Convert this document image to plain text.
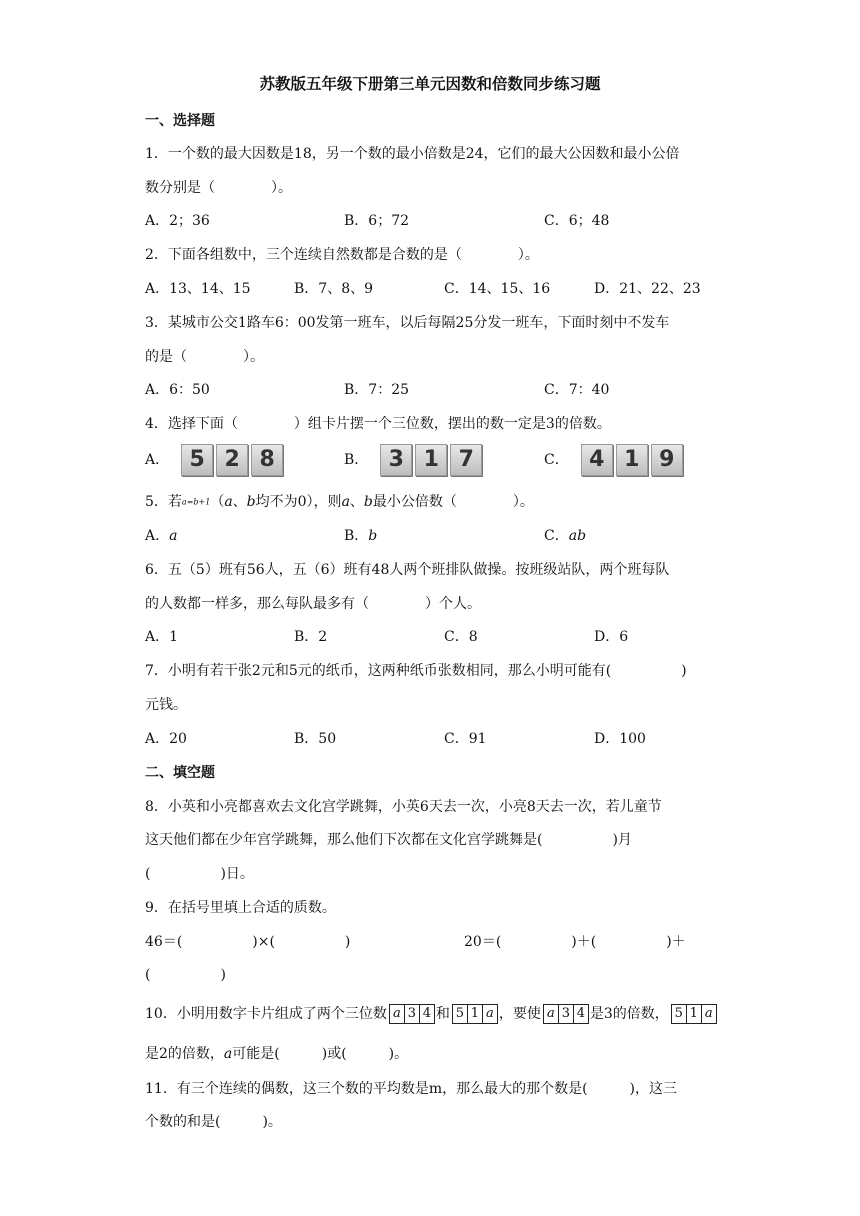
苏教版五年级下册第三单元因数和倍数同步练习题
一、选择题
1．一个数的最大因数是18，另一个数的最小倍数是24，它们的最大公因数和最小公倍
数分别是（　　　　）。
A．2；36	B．6；72	C．6；48
2．下面各组数中，三个连续自然数都是合数的是（　　　　）。
A．13、14、15	B．7、8、9	C．14、15、16	D．21、22、23
3．某城市公交1路车6：00发第一班车，以后每隔25分发一班车，下面时刻中不发车
的是（　　　　）。
A．6：50	B．7：25	C．7：40
4．选择下面（　　　　）组卡片摆一个三位数，摆出的数一定是3的倍数。
A． 5 2 8	B． 3 1 7	C． 4 1 9
5．若a=b+1（a、b均不为0），则a、b最小公倍数（　　　　）。
A．a	B．b	C．ab
6．五（5）班有56人，五（6）班有48人两个班排队做操。按班级站队，两个班每队
的人数都一样多，那么每队最多有（　　　　）个人。
A．1	B．2	C．8	D．6
7．小明有若干张2元和5元的纸币，这两种纸币张数相同，那么小明可能有(　　　　　)
元钱。
A．20	B．50	C．91	D．100
二、填空题
8．小英和小亮都喜欢去文化宫学跳舞，小英6天去一次，小亮8天去一次，若儿童节
这天他们都在少年宫学跳舞，那么他们下次都在文化宫学跳舞是(　　　　　)月
(　　　　　)日。
9．在括号里填上合适的质数。
46＝(　　　　　)×(　　　　　)	20＝(　　　　　)＋(　　　　　)＋
(　　　　　)
10．小明用数字卡片组成了两个三位数 a 3 4 和 5 1 a ，要使 a 3 4 是3的倍数， 5 1 a
是2的倍数，a可能是(　　　)或(　　　)。
11．有三个连续的偶数，这三个数的平均数是m，那么最大的那个数是(　　　)，这三
个数的和是(　　　)。
